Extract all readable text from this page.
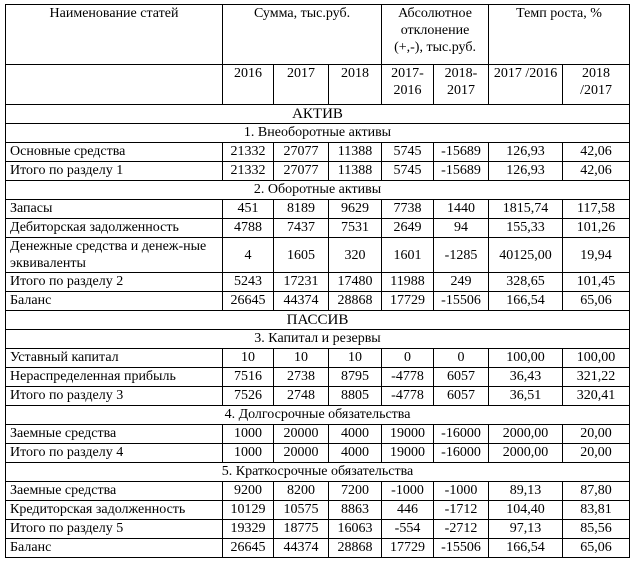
Наименование статей	Сумма, тыс.руб.			Абсолютное отклонение (+,-), тыс.руб.		Темп роста, %	
	2016	2017	2018	2017-2016	2018-2017	2017 /2016	2018 /2017
АКТИВ							
1. Внеоборотные активы							
Основные средства	21332	27077	11388	5745	-15689	126,93	42,06
Итого по разделу 1	21332	27077	11388	5745	-15689	126,93	42,06
2. Оборотные активы							
Запасы	451	8189	9629	7738	1440	1815,74	117,58
Дебиторская задолженность	4788	7437	7531	2649	94	155,33	101,26
Денежные средства и денеж-ные эквиваленты	4	1605	320	1601	-1285	40125,00	19,94
Итого по разделу 2	5243	17231	17480	11988	249	328,65	101,45
Баланс	26645	44374	28868	17729	-15506	166,54	65,06
ПАССИВ							
3. Капитал и резервы							
Уставный капитал	10	10	10	0	0	100,00	100,00
Нераспределенная прибыль	7516	2738	8795	-4778	6057	36,43	321,22
Итого по разделу 3	7526	2748	8805	-4778	6057	36,51	320,41
4. Долгосрочные обязательства							
Заемные средства	1000	20000	4000	19000	-16000	2000,00	20,00
Итого по разделу 4	1000	20000	4000	19000	-16000	2000,00	20,00
5. Краткосрочные обязательства							
Заемные средства	9200	8200	7200	-1000	-1000	89,13	87,80
Кредиторская задолженность	10129	10575	8863	446	-1712	104,40	83,81
Итого по разделу 5	19329	18775	16063	-554	-2712	97,13	85,56
Баланс	26645	44374	28868	17729	-15506	166,54	65,06
